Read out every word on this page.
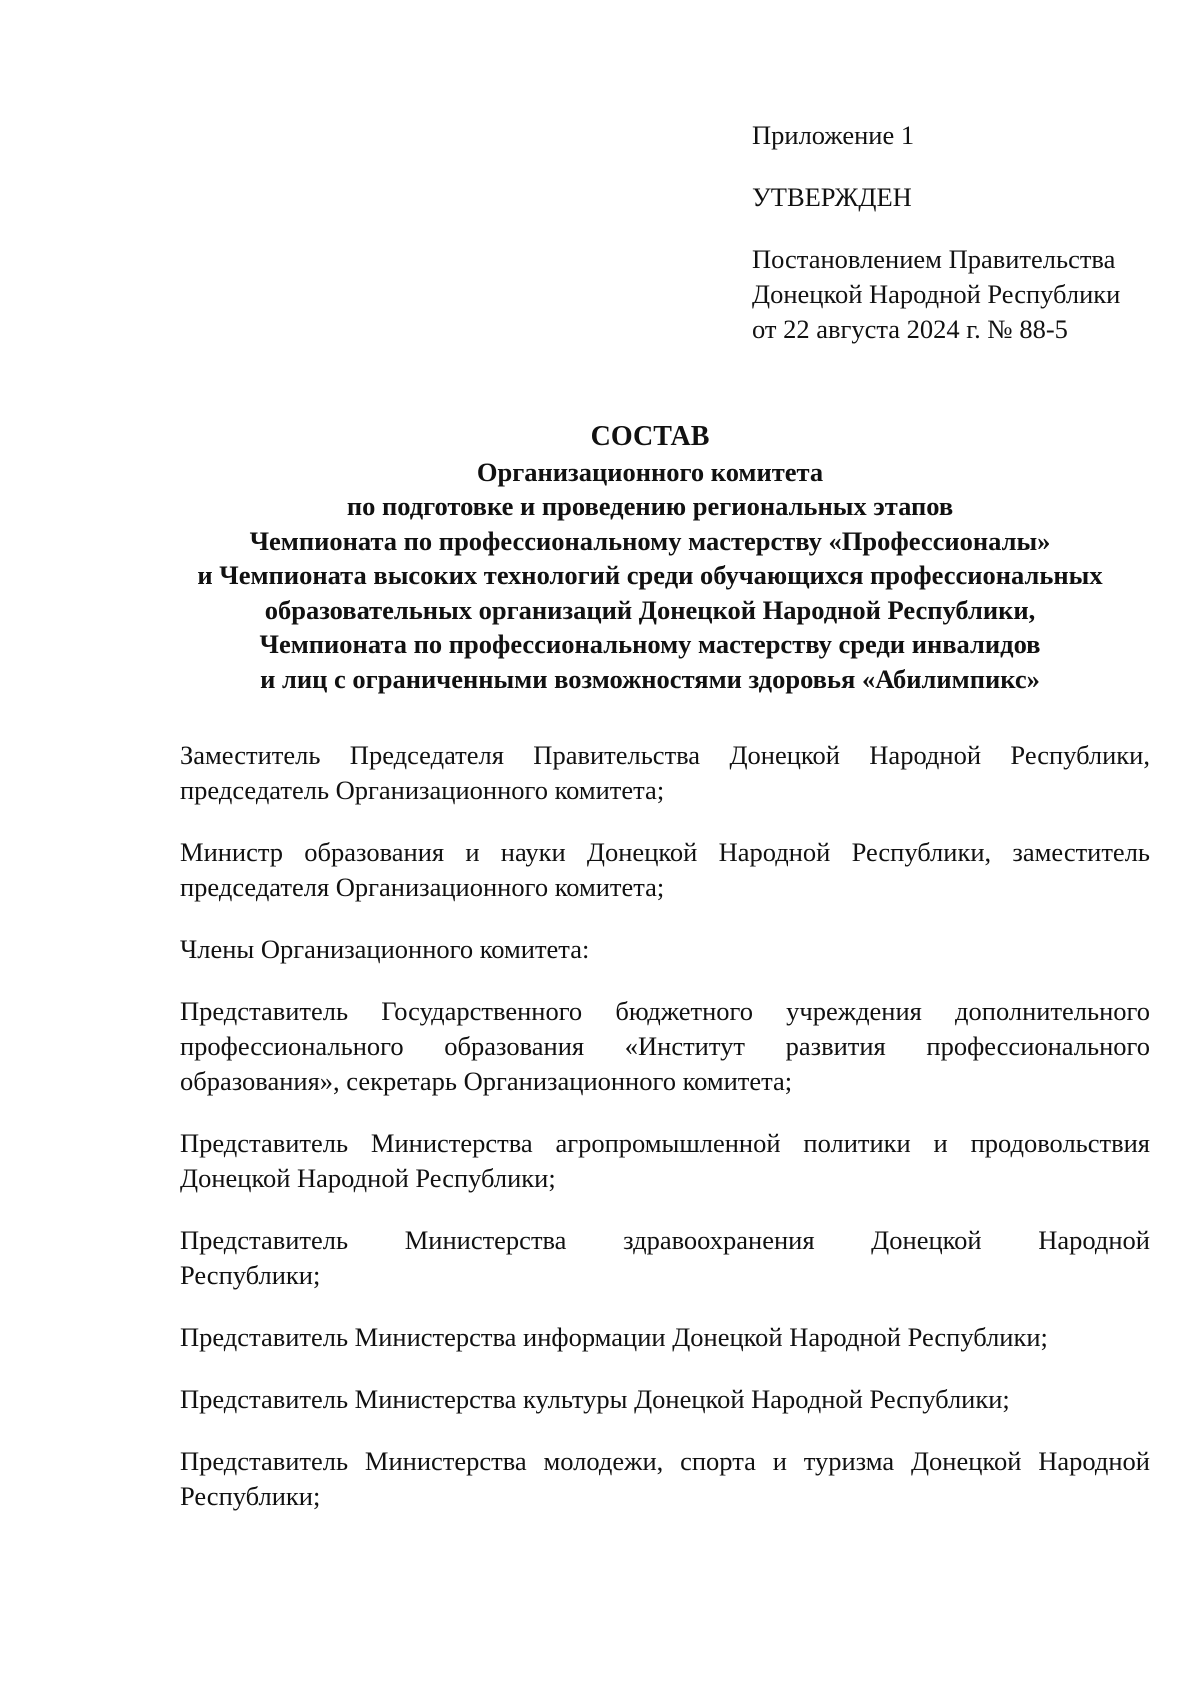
Приложение 1
УТВЕРЖДЕН
Постановлением Правительства
Донецкой Народной Республики
от 22 августа 2024 г. № 88-5
СОСТАВ
Организационного комитета
по подготовке и проведению региональных этапов
Чемпионата по профессиональному мастерству «Профессионалы»
и Чемпионата высоких технологий среди обучающихся профессиональных
образовательных организаций Донецкой Народной Республики,
Чемпионата по профессиональному мастерству среди инвалидов
и лиц с ограниченными возможностями здоровья «Абилимпикс»
Заместитель Председателя Правительства Донецкой Народной Республики,
председатель Организационного комитета;
Министр образования и науки Донецкой Народной Республики, заместитель
председателя Организационного комитета;
Члены Организационного комитета:
Представитель Государственного бюджетного учреждения дополнительного
профессионального образования «Институт развития профессионального
образования», секретарь Организационного комитета;
Представитель Министерства агропромышленной политики и продовольствия
Донецкой Народной Республики;
Представитель Министерства здравоохранения Донецкой Народной
Республики;
Представитель Министерства информации Донецкой Народной Республики;
Представитель Министерства культуры Донецкой Народной Республики;
Представитель Министерства молодежи, спорта и туризма Донецкой Народной
Республики;
